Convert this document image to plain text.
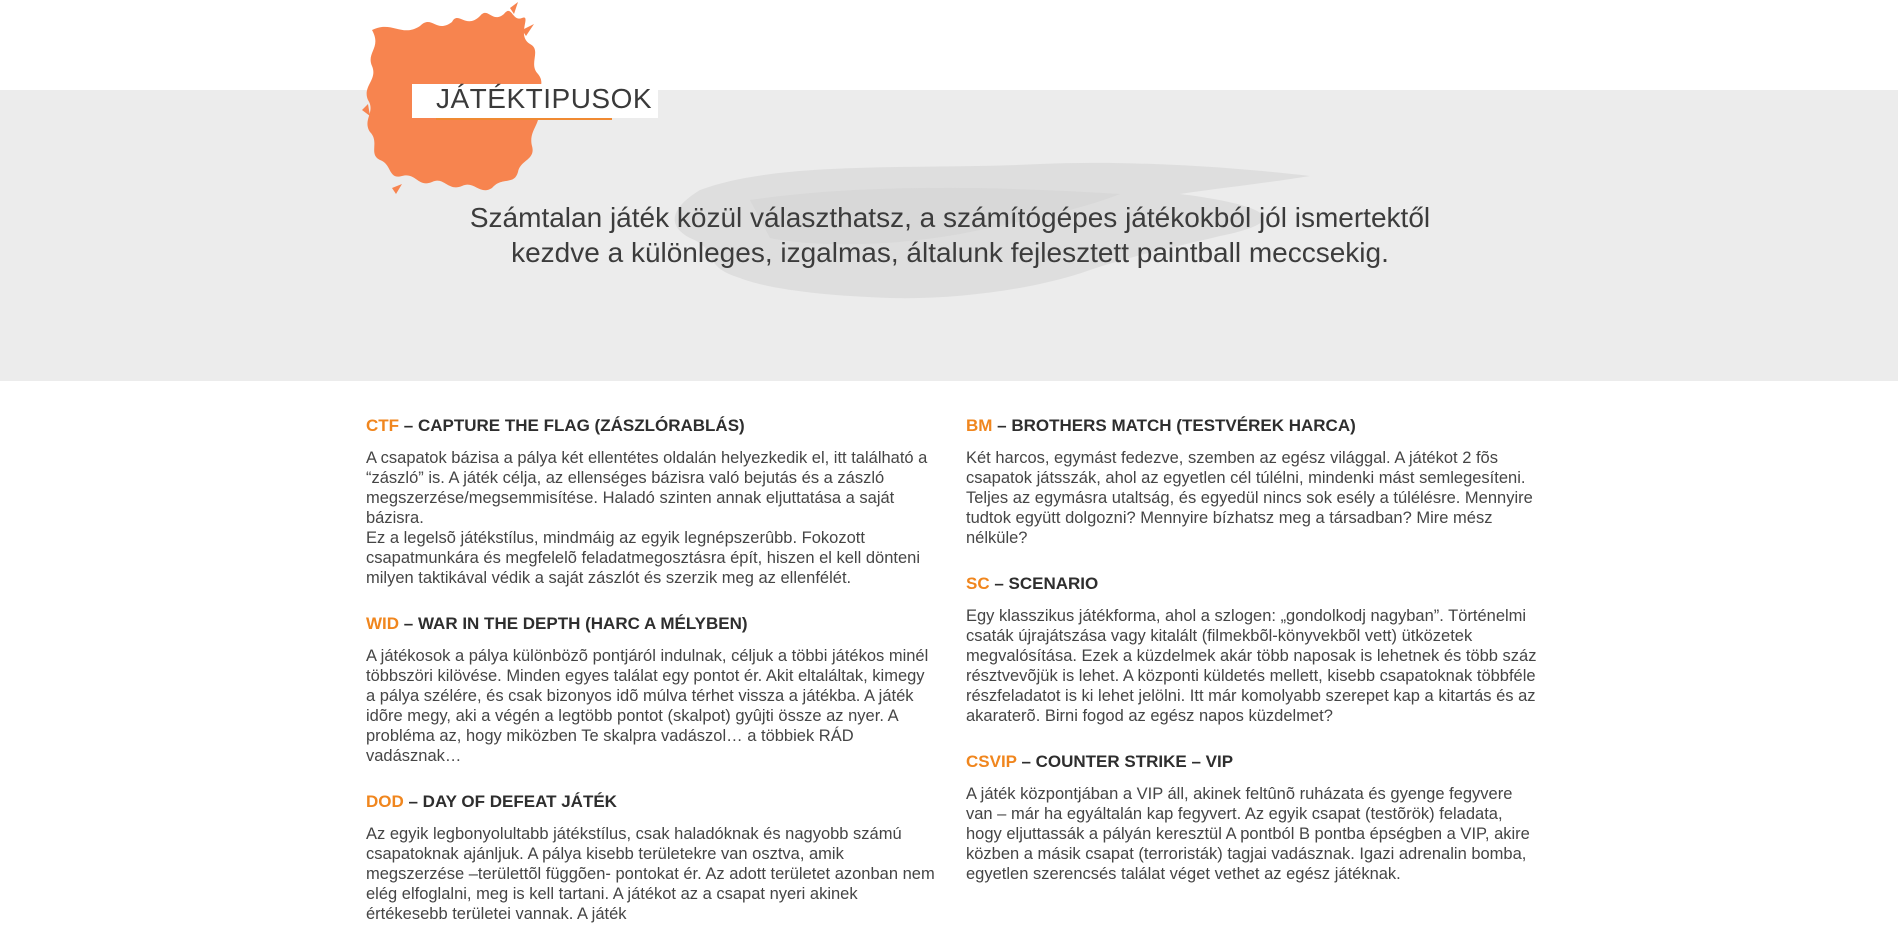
JÁTÉKTIPUSOK
Számtalan játék közül választhatsz, a számítógépes játékokból jól ismertektől
kezdve a különleges, izgalmas, általunk fejlesztett paintball meccsekig.
CTF – CAPTURE THE FLAG (ZÁSZLÓRABLÁS)

A csapatok bázisa a pálya két ellentétes oldalán helyezkedik el, itt található a “zászló” is. A játék célja, az ellenséges bázisra való bejutás és a zászló megszerzése/megsemmisítése. Haladó szinten annak eljuttatása a saját bázisra.
Ez a legelsõ játékstílus, mindmáig az egyik legnépszerûbb. Fokozott csapatmunkára és megfelelõ feladatmegosztásra épít, hiszen el kell dönteni milyen taktikával védik a saját zászlót és szerzik meg az ellenfélét.

WID – WAR IN THE DEPTH (HARC A MÉLYBEN)

A játékosok a pálya különbözõ pontjáról indulnak, céljuk a többi játékos minél többszöri kilövése. Minden egyes találat egy pontot ér. Akit eltaláltak, kimegy a pálya szélére, és csak bizonyos idõ múlva térhet vissza a játékba. A játék idõre megy, aki a végén a legtöbb pontot (skalpot) gyûjti össze az nyer. A probléma az, hogy miközben Te skalpra vadászol… a többiek RÁD vadásznak…

DOD – DAY OF DEFEAT JÁTÉK

Az egyik legbonyolultabb játékstílus, csak haladóknak és nagyobb számú csapatoknak ajánljuk. A pálya kisebb területekre van osztva, amik megszerzése –területtõl függõen- pontokat ér. Az adott területet azonban nem elég elfoglalni, meg is kell tartani. A játékot az a csapat nyeri akinek értékesebb területei vannak. A játék

BM – BROTHERS MATCH (TESTVÉREK HARCA)

Két harcos, egymást fedezve, szemben az egész világgal. A játékot 2 fõs csapatok játsszák, ahol az egyetlen cél túlélni, mindenki mást semlegesíteni.
Teljes az egymásra utaltság, és egyedül nincs sok esély a túlélésre. Mennyire tudtok együtt dolgozni? Mennyire bízhatsz meg a társadban? Mire mész nélküle?

SC – SCENARIO

Egy klasszikus játékforma, ahol a szlogen: „gondolkodj nagyban”. Történelmi csaták újrajátszása vagy kitalált (filmekbõl-könyvekbõl vett) ütközetek megvalósítása. Ezek a küzdelmek akár több naposak is lehetnek és több száz résztvevõjük is lehet. A központi küldetés mellett, kisebb csapatoknak többféle részfeladatot is ki lehet jelölni. Itt már komolyabb szerepet kap a kitartás és az akaraterõ. Birni fogod az egész napos küzdelmet?

CSVIP – COUNTER STRIKE – VIP

A játék központjában a VIP áll, akinek feltûnõ ruházata és gyenge fegyvere van – már ha egyáltalán kap fegyvert. Az egyik csapat (testõrök) feladata, hogy eljuttassák a pályán keresztül A pontból B pontba épségben a VIP, akire közben a másik csapat (terroristák) tagjai vadásznak. Igazi adrenalin bomba, egyetlen szerencsés találat véget vethet az egész játéknak.
